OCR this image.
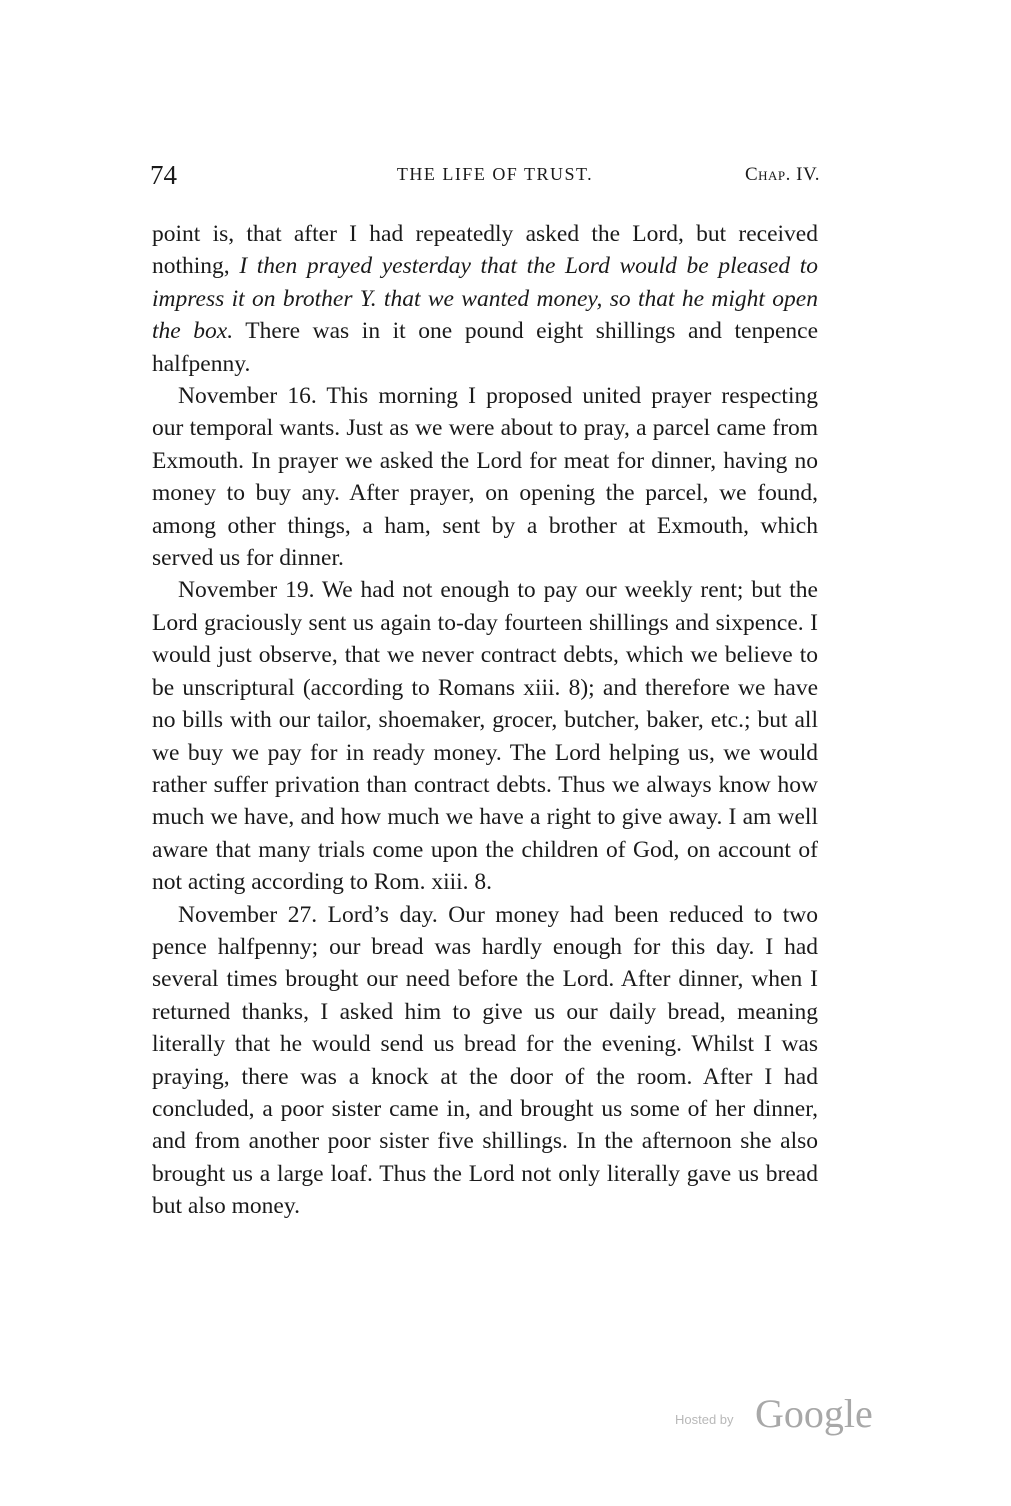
74	THE LIFE OF TRUST.	Chap. IV.

point is, that after I had repeatedly asked the Lord, but received nothing, I then prayed yesterday that the Lord would be pleased to impress it on brother Y. that we wanted money, so that he might open the box. There was in it one pound eight shillings and tenpence halfpenny.

November 16. This morning I proposed united prayer respecting our temporal wants. Just as we were about to pray, a parcel came from Exmouth. In prayer we asked the Lord for meat for dinner, having no money to buy any. After prayer, on opening the parcel, we found, among other things, a ham, sent by a brother at Exmouth, which served us for dinner.

November 19. We had not enough to pay our weekly rent; but the Lord graciously sent us again to-day fourteen shillings and sixpence. I would just observe, that we never contract debts, which we believe to be unscriptural (according to Romans xiii. 8); and therefore we have no bills with our tailor, shoemaker, grocer, butcher, baker, etc.; but all we buy we pay for in ready money. The Lord helping us, we would rather suffer privation than contract debts. Thus we always know how much we have, and how much we have a right to give away. I am well aware that many trials come upon the children of God, on account of not acting according to Rom. xiii. 8.

November 27. Lord’s day. Our money had been reduced to two pence halfpenny; our bread was hardly enough for this day. I had several times brought our need before the Lord. After dinner, when I returned thanks, I asked him to give us our daily bread, meaning literally that he would send us bread for the evening. Whilst I was praying, there was a knock at the door of the room. After I had concluded, a poor sister came in, and brought us some of her dinner, and from another poor sister five shillings. In the afternoon she also brought us a large loaf. Thus the Lord not only literally gave us bread but also money.

Hosted by Google
